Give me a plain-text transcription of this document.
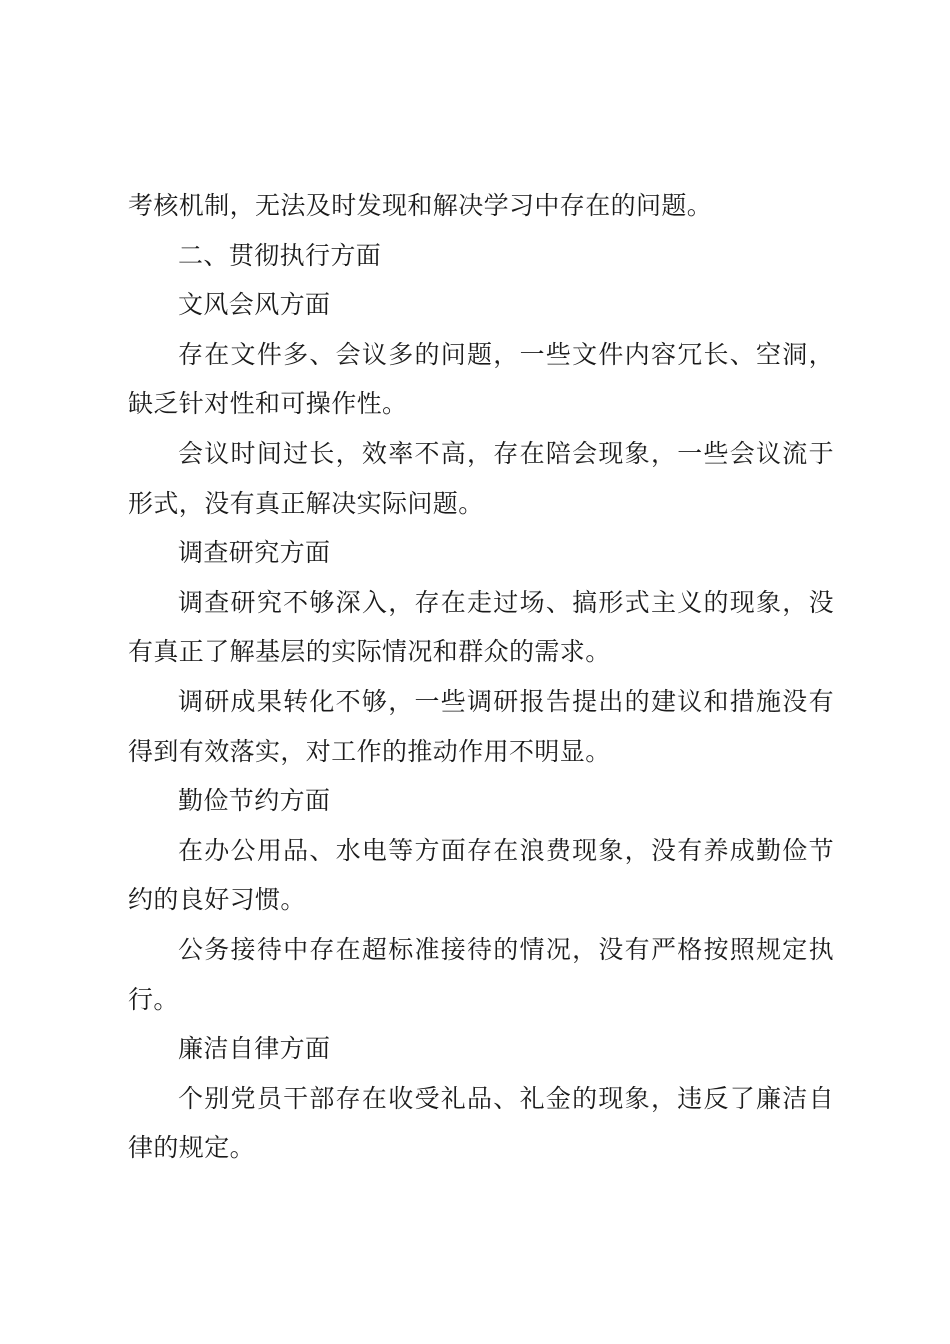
考核机制，无法及时发现和解决学习中存在的问题。

二、贯彻执行方面

文风会风方面

存在文件多、会议多的问题，一些文件内容冗长、空洞，缺乏针对性和可操作性。

会议时间过长，效率不高，存在陪会现象，一些会议流于形式，没有真正解决实际问题。

调查研究方面

调查研究不够深入，存在走过场、搞形式主义的现象，没有真正了解基层的实际情况和群众的需求。

调研成果转化不够，一些调研报告提出的建议和措施没有得到有效落实，对工作的推动作用不明显。

勤俭节约方面

在办公用品、水电等方面存在浪费现象，没有养成勤俭节约的良好习惯。

公务接待中存在超标准接待的情况，没有严格按照规定执行。

廉洁自律方面

个别党员干部存在收受礼品、礼金的现象，违反了廉洁自律的规定。
